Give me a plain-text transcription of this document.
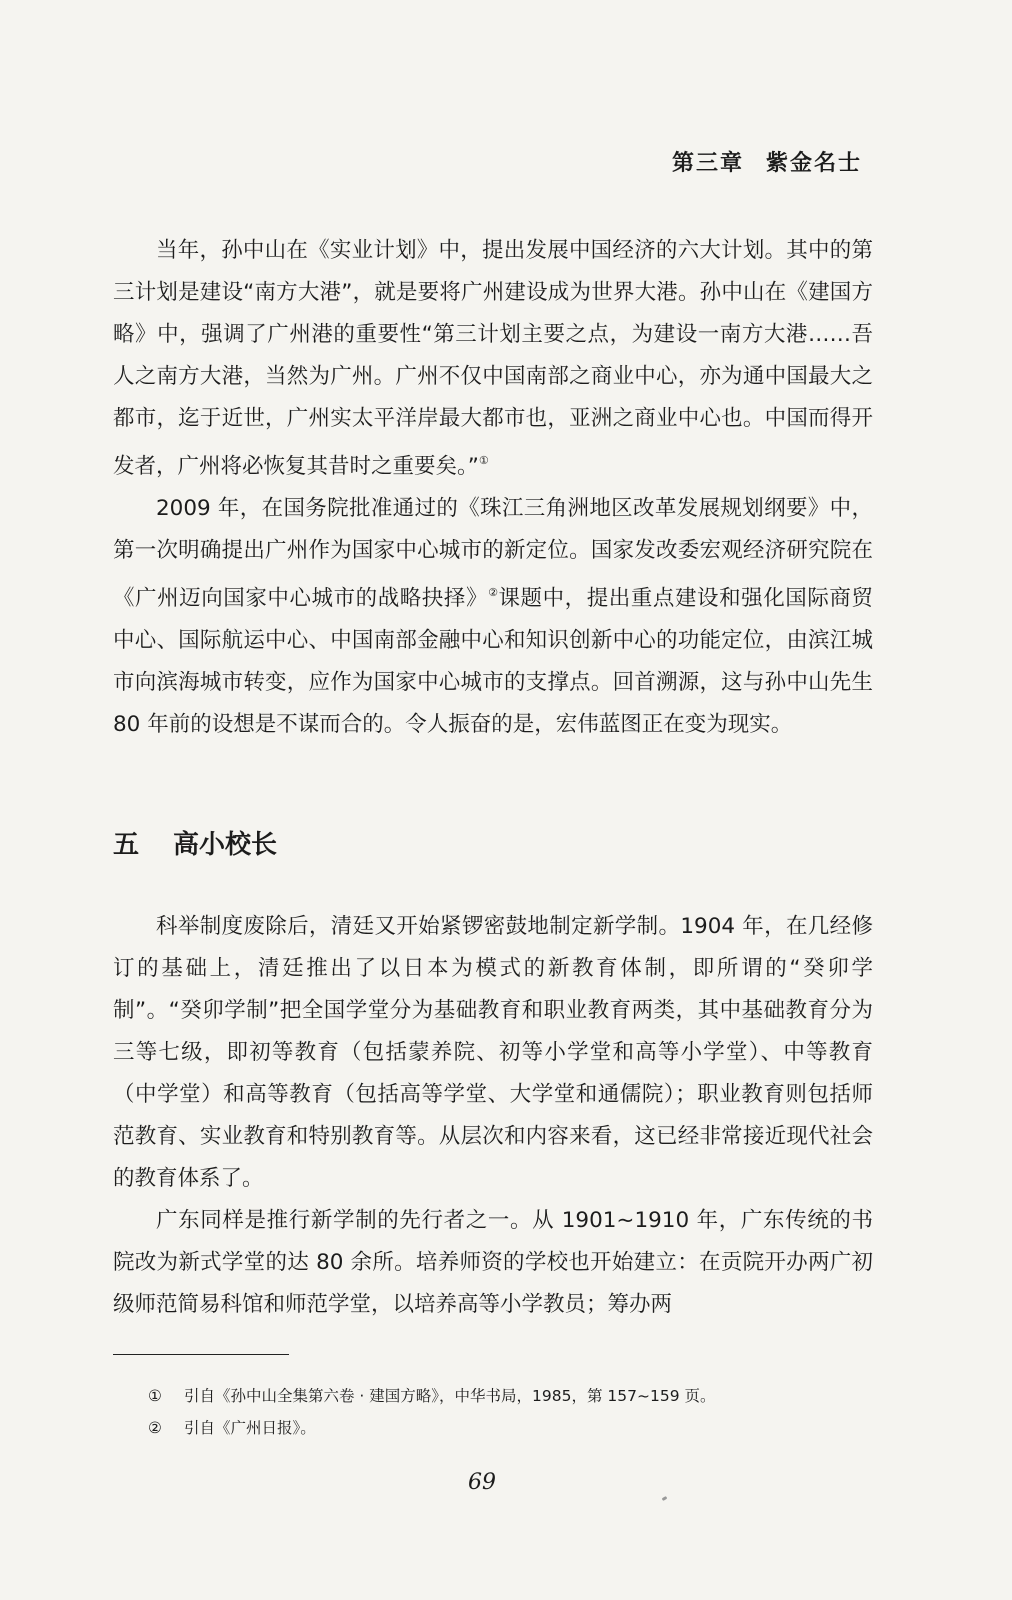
第三章 紫金名士

当年，孙中山在《实业计划》中，提出发展中国经济的六大计划。其中的第三计划是建设“南方大港”，就是要将广州建设成为世界大港。孙中山在《建国方略》中，强调了广州港的重要性“第三计划主要之点，为建设一南方大港……吾人之南方大港，当然为广州。广州不仅中国南部之商业中心，亦为通中国最大之都市，迄于近世，广州实太平洋岸最大都市也，亚洲之商业中心也。中国而得开发者，广州将必恢复其昔时之重要矣。”①

2009 年，在国务院批准通过的《珠江三角洲地区改革发展规划纲要》中，第一次明确提出广州作为国家中心城市的新定位。国家发改委宏观经济研究院在《广州迈向国家中心城市的战略抉择》②课题中，提出重点建设和强化国际商贸中心、国际航运中心、中国南部金融中心和知识创新中心的功能定位，由滨江城市向滨海城市转变，应作为国家中心城市的支撑点。回首溯源，这与孙中山先生 80 年前的设想是不谋而合的。令人振奋的是，宏伟蓝图正在变为现实。

五 高小校长

科举制度废除后，清廷又开始紧锣密鼓地制定新学制。1904 年，在几经修订的基础上，清廷推出了以日本为模式的新教育体制，即所谓的“癸卯学制”。“癸卯学制”把全国学堂分为基础教育和职业教育两类，其中基础教育分为三等七级，即初等教育（包括蒙养院、初等小学堂和高等小学堂）、中等教育（中学堂）和高等教育（包括高等学堂、大学堂和通儒院）；职业教育则包括师范教育、实业教育和特别教育等。从层次和内容来看，这已经非常接近现代社会的教育体系了。

广东同样是推行新学制的先行者之一。从 1901~1910 年，广东传统的书院改为新式学堂的达 80 余所。培养师资的学校也开始建立：在贡院开办两广初级师范简易科馆和师范学堂，以培养高等小学教员；筹办两

① 引自《孙中山全集第六卷 · 建国方略》，中华书局，1985，第 157~159 页。
② 引自《广州日报》。
69
